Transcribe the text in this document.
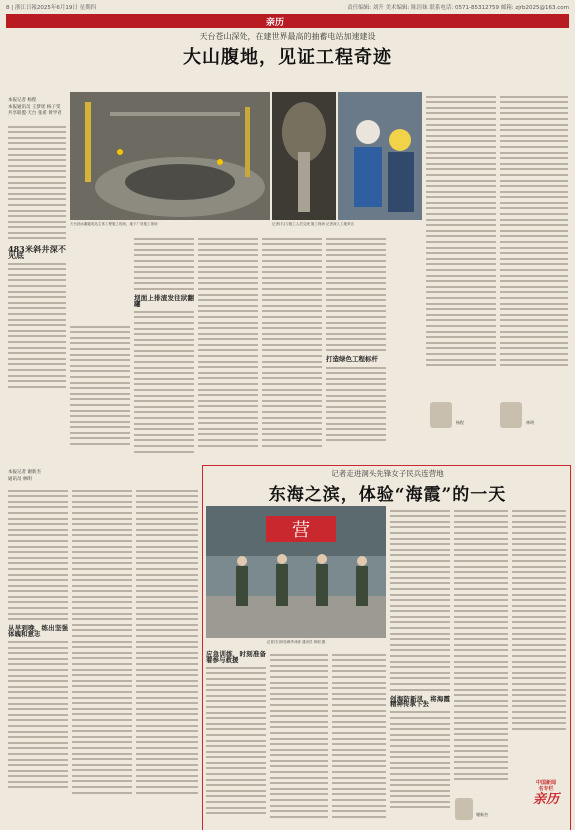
8 | 浙江日報 2025年6月19日 星期四	责任编辑: 刘升 美术编辑: 陈渲妹 联系电话: 0571-85312759 邮箱: zjrb2025@163.com
亲历
天台苍山深处，在建世界最高的抽蓄电站加速建设
大山腹地，见证工程奇迹
本报记者 杨程
本报通讯员 王梦瑶 杨子雯
共享联盟·天台 张希 黄学君
483米斜井深不见底
天台抽水蓄能电站主体工程施工现场，地下厂房施工现场	记者(右)与施工人员交流 施工现场 记者深入工地采访
坝面上排渣发往狀翻罐
打造绿色工程标杆
杨程	林明
记者走进洞头先锋女子民兵连营地
东海之滨，体验“海霞”的一天
本报记者 谢新杰
通讯员 林明
从早到晚，练出坚强体魄和意志
营
记者(右)体验刺杀训练 通讯员 林明 摄
应急训练，时刻准备着参与救援
创海防新风，将海霞精神传承下去
谢新杰
中国新闻
名专栏
亲历
